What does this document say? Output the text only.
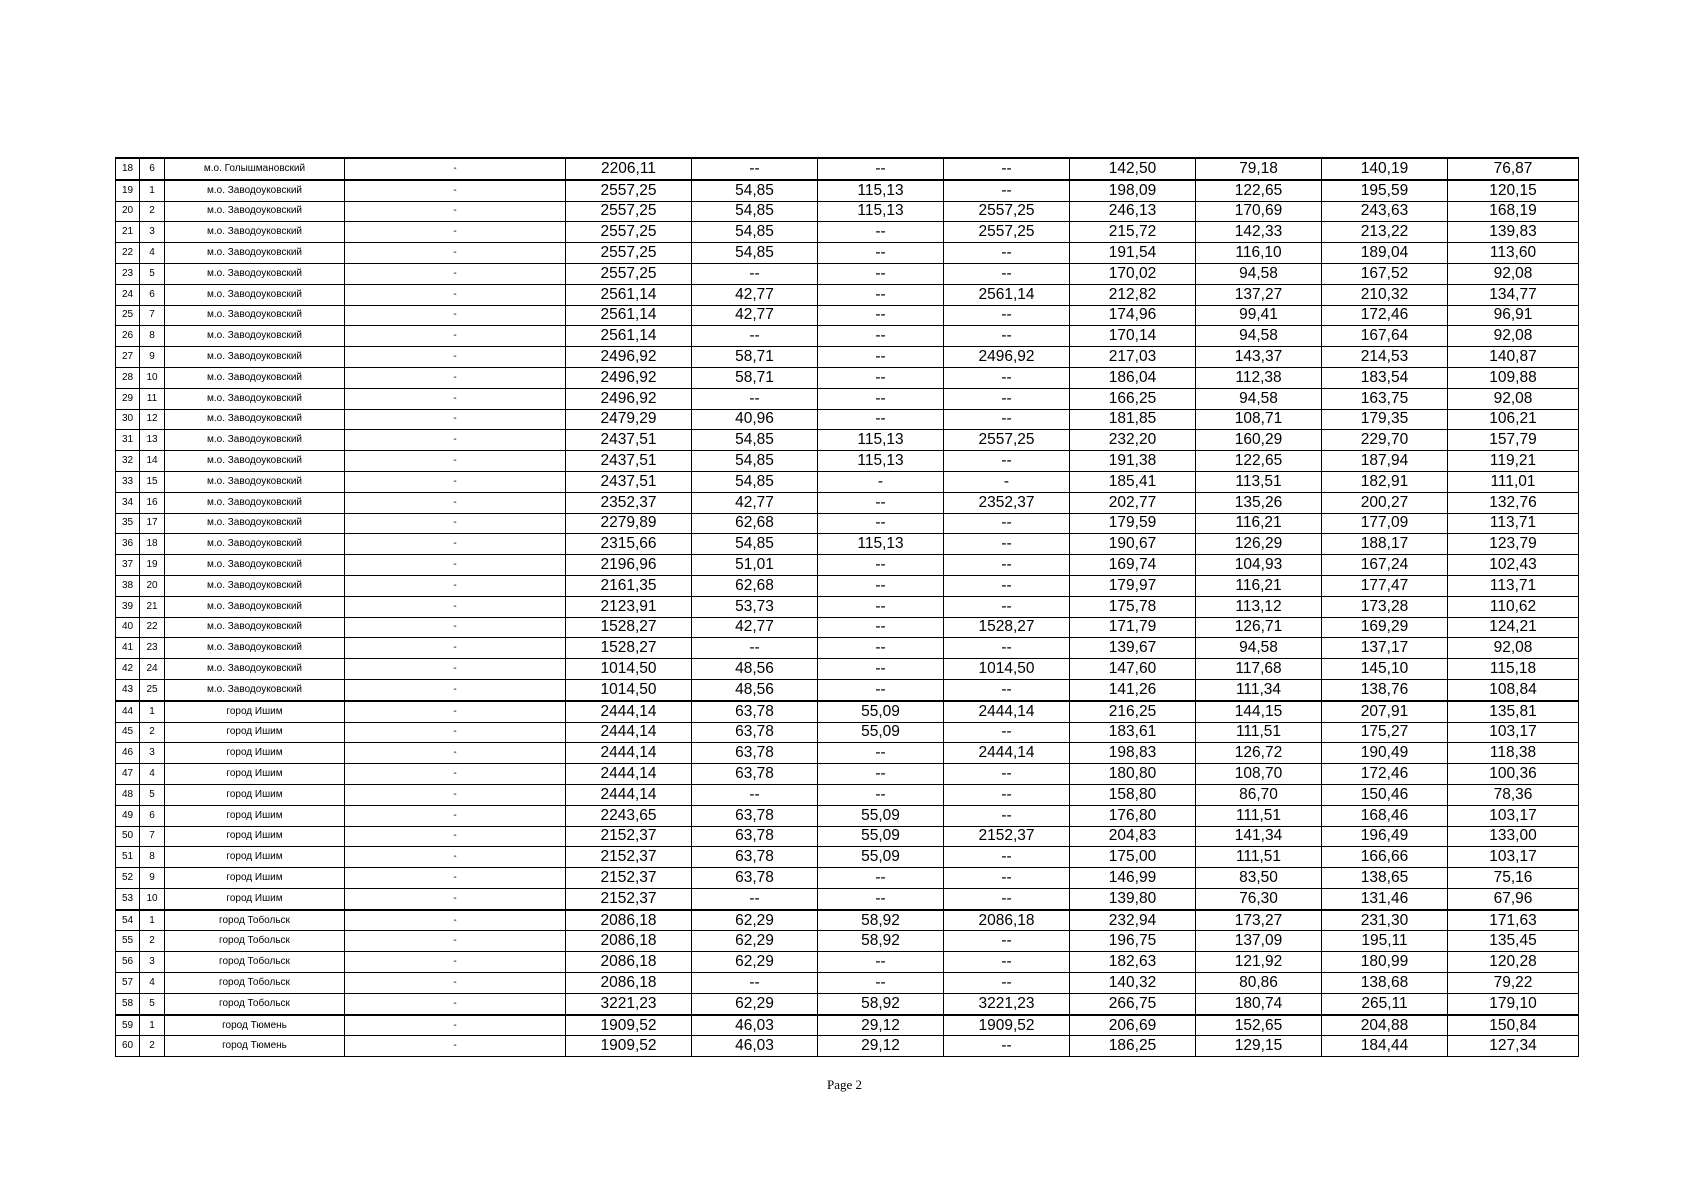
18	6	м.о. Голышмановский	-	2206,11	--	--	--	142,50	79,18	140,19	76,87
19	1	м.о. Заводоуковский	-	2557,25	54,85	115,13	--	198,09	122,65	195,59	120,15
20	2	м.о. Заводоуковский	-	2557,25	54,85	115,13	2557,25	246,13	170,69	243,63	168,19
21	3	м.о. Заводоуковский	-	2557,25	54,85	--	2557,25	215,72	142,33	213,22	139,83
22	4	м.о. Заводоуковский	-	2557,25	54,85	--	--	191,54	116,10	189,04	113,60
23	5	м.о. Заводоуковский	-	2557,25	--	--	--	170,02	94,58	167,52	92,08
24	6	м.о. Заводоуковский	-	2561,14	42,77	--	2561,14	212,82	137,27	210,32	134,77
25	7	м.о. Заводоуковский	-	2561,14	42,77	--	--	174,96	99,41	172,46	96,91
26	8	м.о. Заводоуковский	-	2561,14	--	--	--	170,14	94,58	167,64	92,08
27	9	м.о. Заводоуковский	-	2496,92	58,71	--	2496,92	217,03	143,37	214,53	140,87
28	10	м.о. Заводоуковский	-	2496,92	58,71	--	--	186,04	112,38	183,54	109,88
29	11	м.о. Заводоуковский	-	2496,92	--	--	--	166,25	94,58	163,75	92,08
30	12	м.о. Заводоуковский	-	2479,29	40,96	--	--	181,85	108,71	179,35	106,21
31	13	м.о. Заводоуковский	-	2437,51	54,85	115,13	2557,25	232,20	160,29	229,70	157,79
32	14	м.о. Заводоуковский	-	2437,51	54,85	115,13	--	191,38	122,65	187,94	119,21
33	15	м.о. Заводоуковский	-	2437,51	54,85	-	-	185,41	113,51	182,91	111,01
34	16	м.о. Заводоуковский	-	2352,37	42,77	--	2352,37	202,77	135,26	200,27	132,76
35	17	м.о. Заводоуковский	-	2279,89	62,68	--	--	179,59	116,21	177,09	113,71
36	18	м.о. Заводоуковский	-	2315,66	54,85	115,13	--	190,67	126,29	188,17	123,79
37	19	м.о. Заводоуковский	-	2196,96	51,01	--	--	169,74	104,93	167,24	102,43
38	20	м.о. Заводоуковский	-	2161,35	62,68	--	--	179,97	116,21	177,47	113,71
39	21	м.о. Заводоуковский	-	2123,91	53,73	--	--	175,78	113,12	173,28	110,62
40	22	м.о. Заводоуковский	-	1528,27	42,77	--	1528,27	171,79	126,71	169,29	124,21
41	23	м.о. Заводоуковский	-	1528,27	--	--	--	139,67	94,58	137,17	92,08
42	24	м.о. Заводоуковский	-	1014,50	48,56	--	1014,50	147,60	117,68	145,10	115,18
43	25	м.о. Заводоуковский	-	1014,50	48,56	--	--	141,26	111,34	138,76	108,84
44	1	город Ишим	-	2444,14	63,78	55,09	2444,14	216,25	144,15	207,91	135,81
45	2	город Ишим	-	2444,14	63,78	55,09	--	183,61	111,51	175,27	103,17
46	3	город Ишим	-	2444,14	63,78	--	2444,14	198,83	126,72	190,49	118,38
47	4	город Ишим	-	2444,14	63,78	--	--	180,80	108,70	172,46	100,36
48	5	город Ишим	-	2444,14	--	--	--	158,80	86,70	150,46	78,36
49	6	город Ишим	-	2243,65	63,78	55,09	--	176,80	111,51	168,46	103,17
50	7	город Ишим	-	2152,37	63,78	55,09	2152,37	204,83	141,34	196,49	133,00
51	8	город Ишим	-	2152,37	63,78	55,09	--	175,00	111,51	166,66	103,17
52	9	город Ишим	-	2152,37	63,78	--	--	146,99	83,50	138,65	75,16
53	10	город Ишим	-	2152,37	--	--	--	139,80	76,30	131,46	67,96
54	1	город Тобольск	-	2086,18	62,29	58,92	2086,18	232,94	173,27	231,30	171,63
55	2	город Тобольск	-	2086,18	62,29	58,92	--	196,75	137,09	195,11	135,45
56	3	город Тобольск	-	2086,18	62,29	--	--	182,63	121,92	180,99	120,28
57	4	город Тобольск	-	2086,18	--	--	--	140,32	80,86	138,68	79,22
58	5	город Тобольск	-	3221,23	62,29	58,92	3221,23	266,75	180,74	265,11	179,10
59	1	город Тюмень	-	1909,52	46,03	29,12	1909,52	206,69	152,65	204,88	150,84
60	2	город Тюмень	-	1909,52	46,03	29,12	--	186,25	129,15	184,44	127,34
Page 2
